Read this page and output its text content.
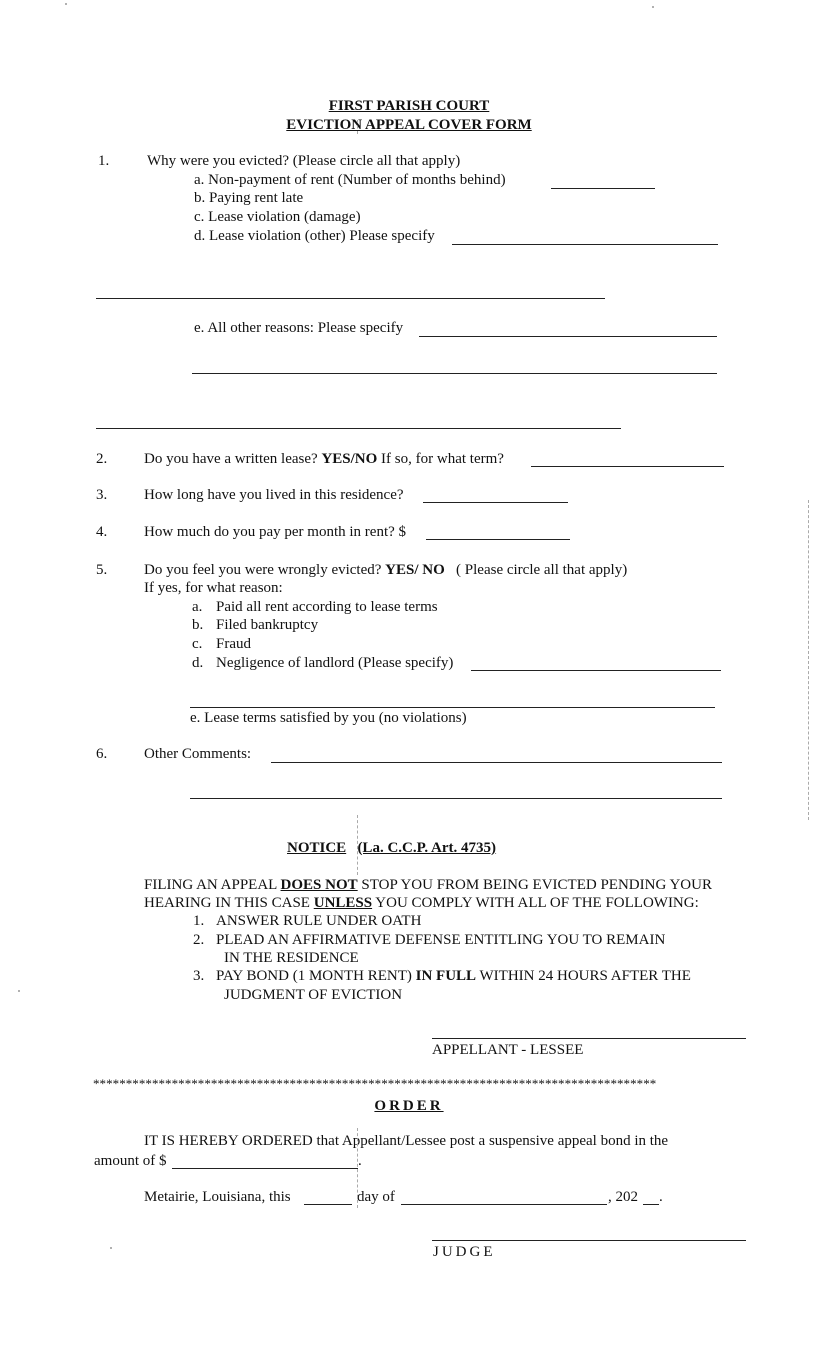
FIRST PARISH COURT
EVICTION APPEAL COVER FORM
1.	Why were you evicted? (Please circle all that apply)
a. Non-payment of rent (Number of months behind)
b. Paying rent late
c. Lease violation (damage)
d. Lease violation (other) Please specify
e. All other reasons: Please specify
2. Do you have a written lease? YES/NO If so, for what term?
3. How long have you lived in this residence?
4. How much do you pay per month in rent? $
5. Do you feel you were wrongly evicted? YES/ NO ( Please circle all that apply)
If yes, for what reason:
a. Paid all rent according to lease terms
b. Filed bankruptcy
c. Fraud
d. Negligence of landlord (Please specify)
e. Lease terms satisfied by you (no violations)
6. Other Comments:
NOTICE (La. C.C.P. Art. 4735)
FILING AN APPEAL DOES NOT STOP YOU FROM BEING EVICTED PENDING YOUR
HEARING IN THIS CASE UNLESS YOU COMPLY WITH ALL OF THE FOLLOWING:
1. ANSWER RULE UNDER OATH
2. PLEAD AN AFFIRMATIVE DEFENSE ENTITLING YOU TO REMAIN
IN THE RESIDENCE
3. PAY BOND (1 MONTH RENT) IN FULL WITHIN 24 HOURS AFTER THE
JUDGMENT OF EVICTION
APPELLANT - LESSEE
**************************************************************************************
ORDER
IT IS HEREBY ORDERED that Appellant/Lessee post a suspensive appeal bond in the
amount of $	.
Metairie, Louisiana, this	day of	, 202 .
JUDGE
